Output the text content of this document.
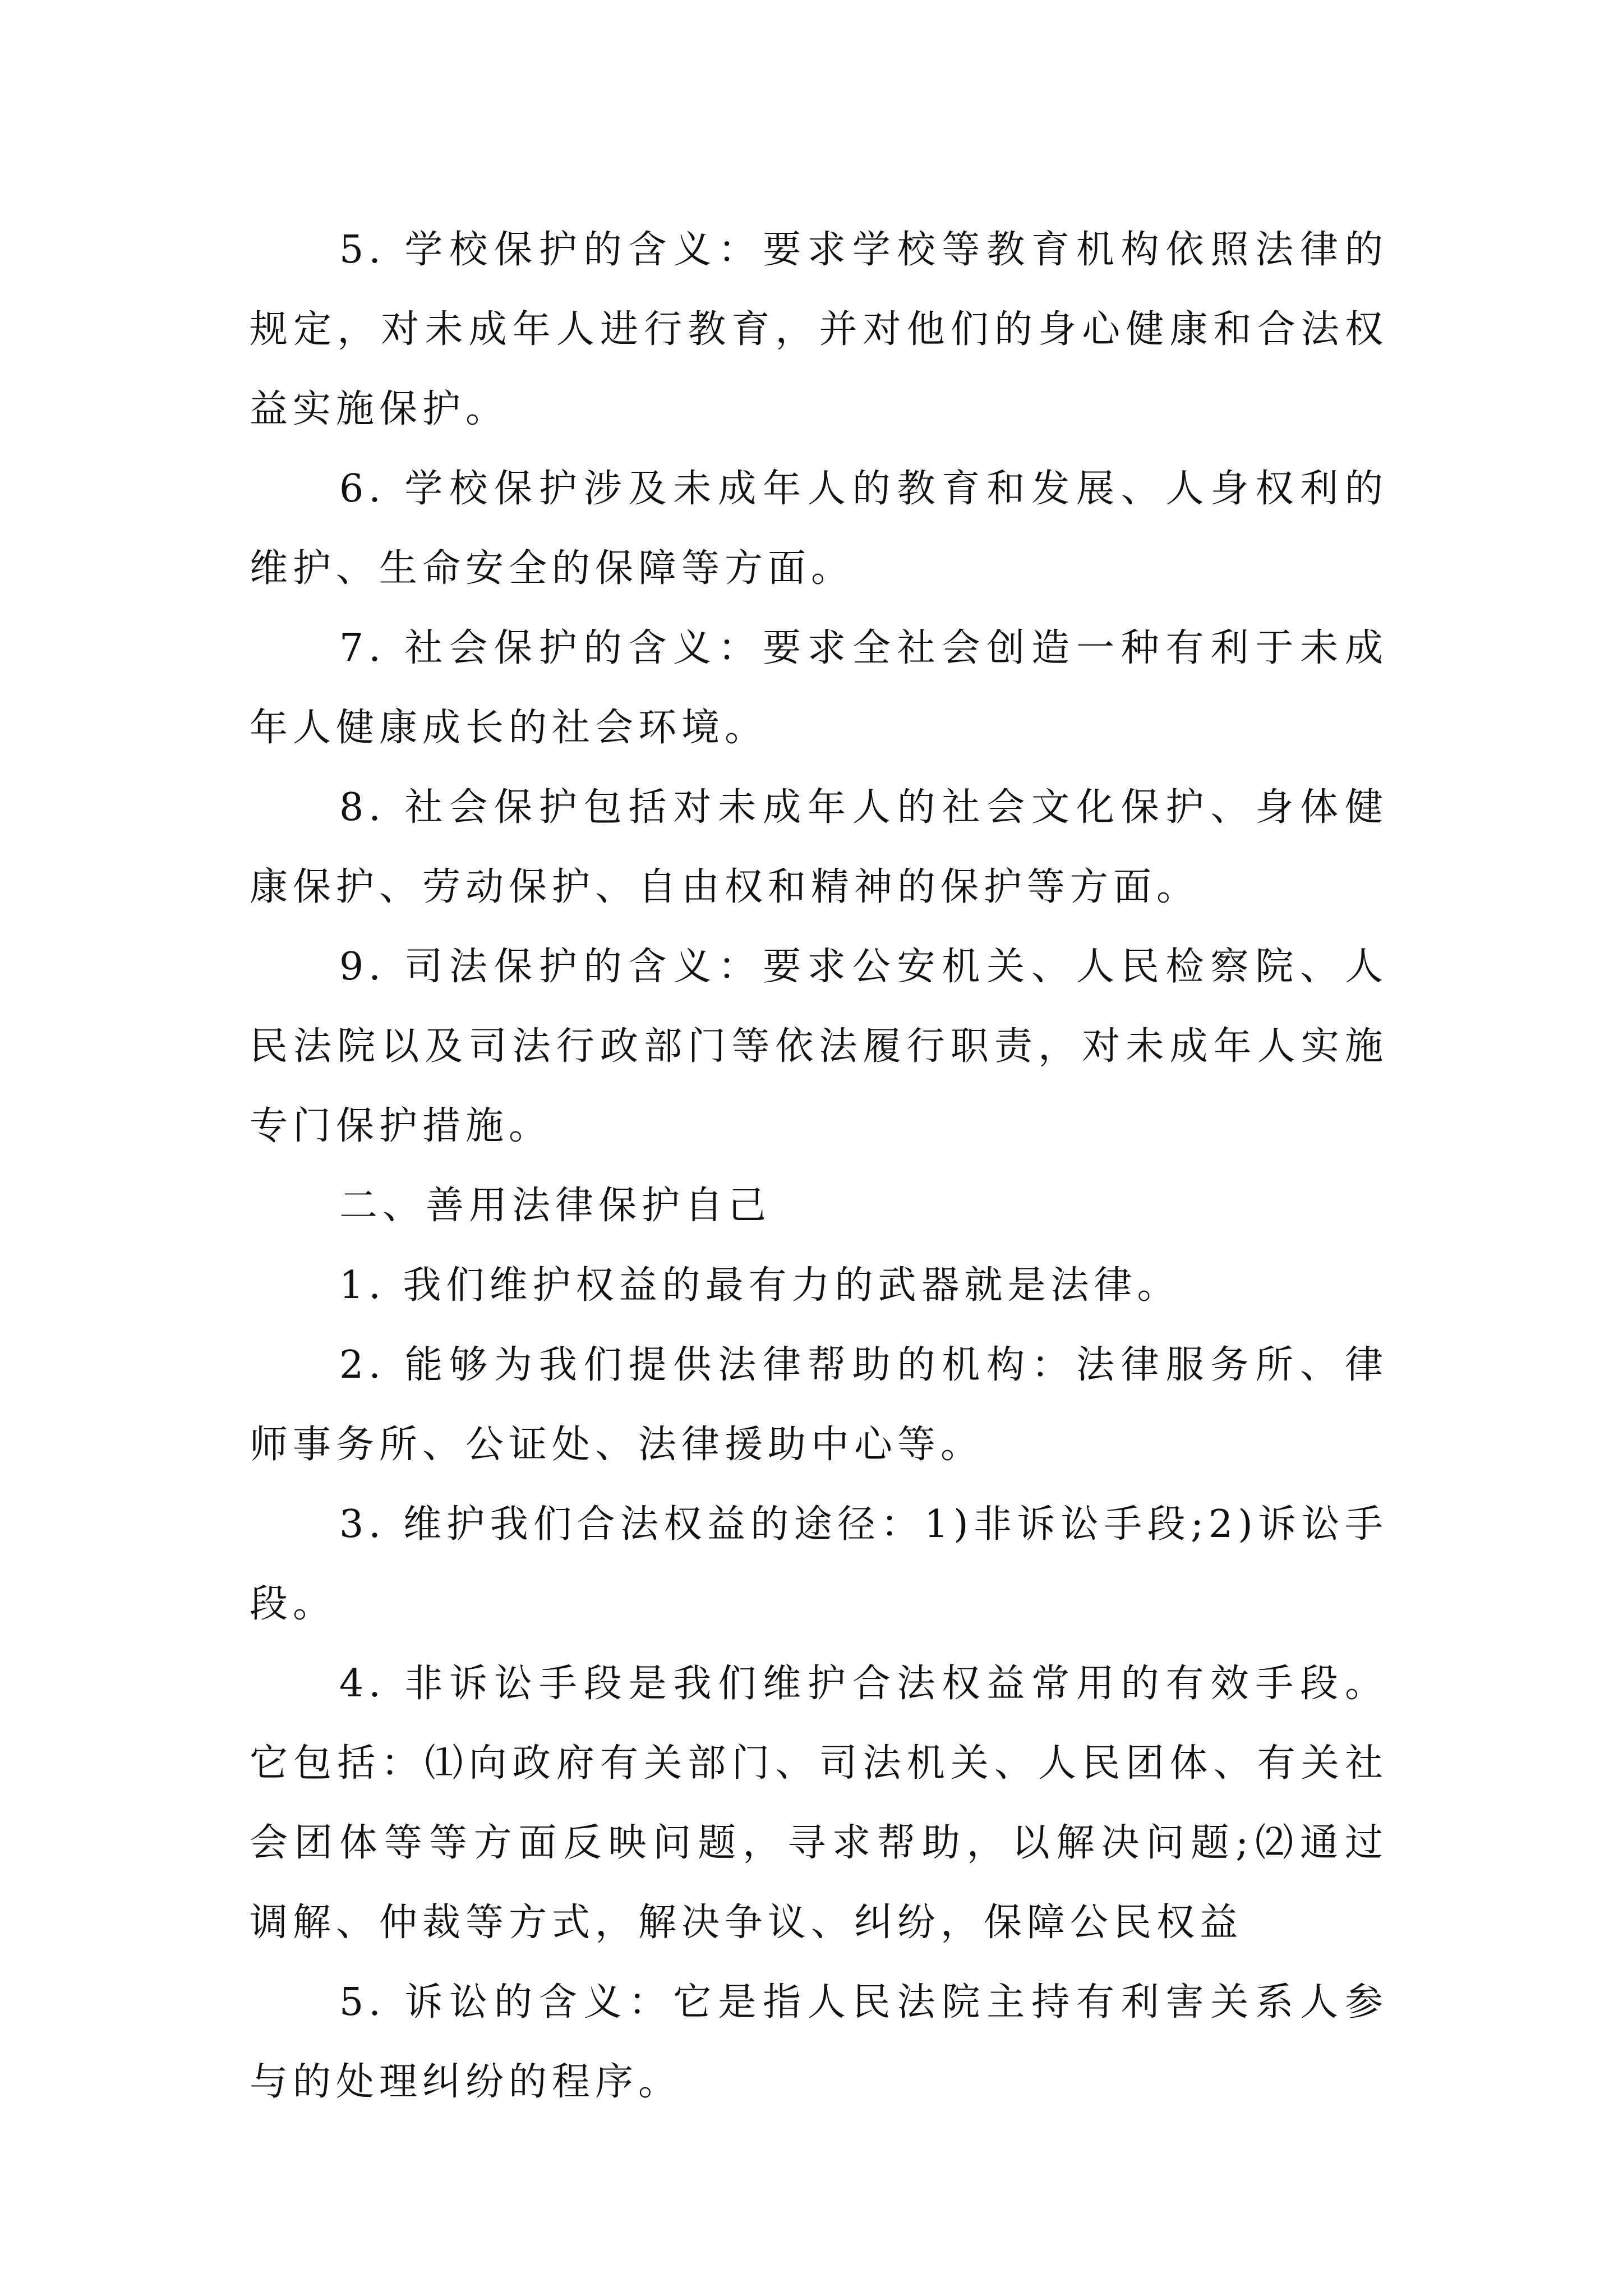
5. 学校保护的含义：要求学校等教育机构依照法律的规定，对未成年人进行教育，并对他们的身心健康和合法权益实施保护。

6. 学校保护涉及未成年人的教育和发展、人身权利的维护、生命安全的保障等方面。

7. 社会保护的含义：要求全社会创造一种有利于未成年人健康成长的社会环境。

8. 社会保护包括对未成年人的社会文化保护、身体健康保护、劳动保护、自由权和精神的保护等方面。

9. 司法保护的含义：要求公安机关、人民检察院、人民法院以及司法行政部门等依法履行职责，对未成年人实施专门保护措施。

二、善用法律保护自己

1. 我们维护权益的最有力的武器就是法律。

2. 能够为我们提供法律帮助的机构：法律服务所、律师事务所、公证处、法律援助中心等。

3. 维护我们合法权益的途径：1)非诉讼手段;2)诉讼手段。

4. 非诉讼手段是我们维护合法权益常用的有效手段。它包括：⑴向政府有关部门、司法机关、人民团体、有关社会团体等等方面反映问题，寻求帮助，以解决问题;⑵通过调解、仲裁等方式，解决争议、纠纷，保障公民权益

5. 诉讼的含义：它是指人民法院主持有利害关系人参与的处理纠纷的程序。
